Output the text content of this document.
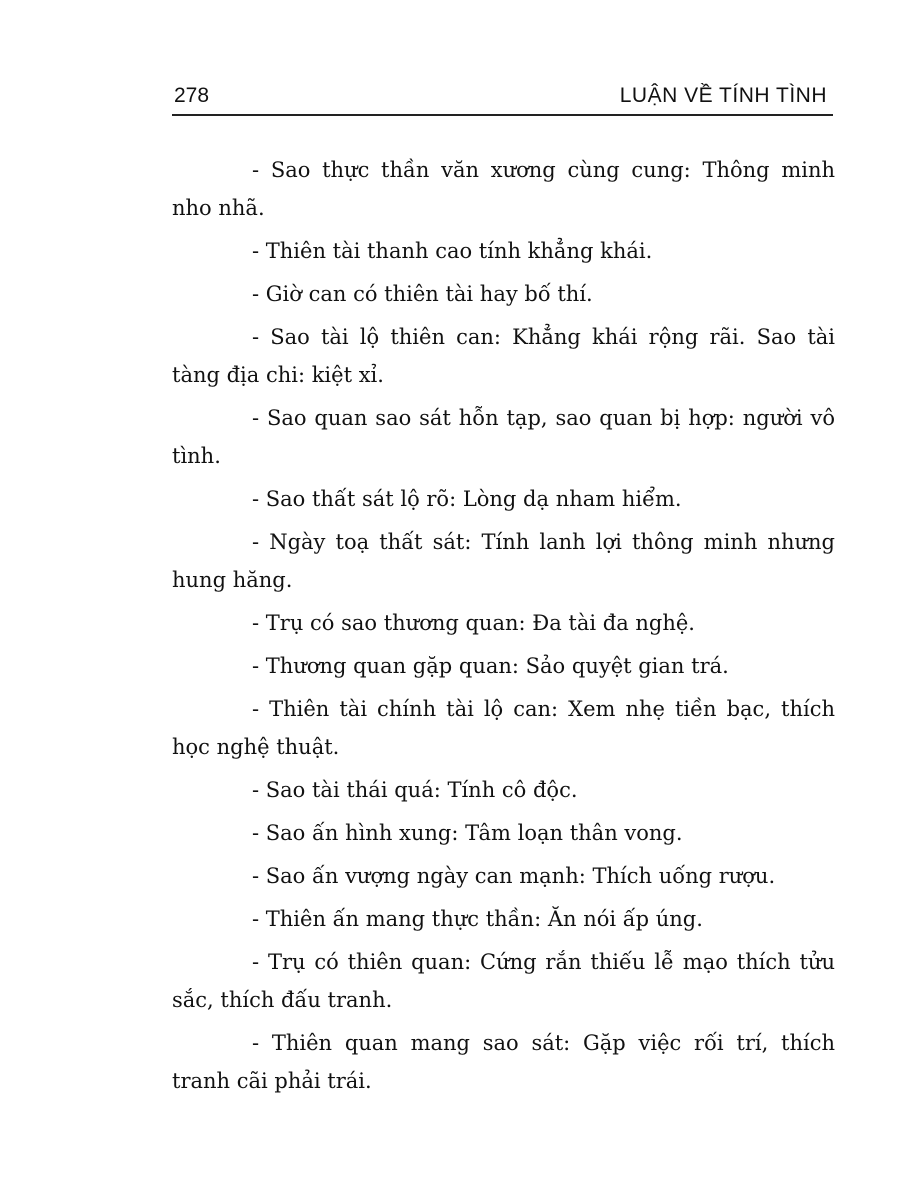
278	LUẬN VỀ TÍNH TÌNH

- Sao thực thần văn xương cùng cung: Thông minh nho nhã.

- Thiên tài thanh cao tính khẳng khái.

- Giờ can có thiên tài hay bố thí.

- Sao tài lộ thiên can: Khẳng khái rộng rãi. Sao tài tàng địa chi: kiệt xỉ.

- Sao quan sao sát hỗn tạp, sao quan bị hợp: người vô tình.

- Sao thất sát lộ rõ: Lòng dạ nham hiểm.

- Ngày toạ thất sát: Tính lanh lợi thông minh nhưng hung hăng.

- Trụ có sao thương quan: Đa tài đa nghệ.

- Thương quan gặp quan: Sảo quyệt gian trá.

- Thiên tài chính tài lộ can: Xem nhẹ tiền bạc, thích học nghệ thuật.

- Sao tài thái quá: Tính cô độc.

- Sao ấn hình xung: Tâm loạn thân vong.

- Sao ấn vượng ngày can mạnh: Thích uống rượu.

- Thiên ấn mang thực thần: Ăn nói ấp úng.

- Trụ có thiên quan: Cứng rắn thiếu lễ mạo thích tửu sắc, thích đấu tranh.

- Thiên quan mang sao sát: Gặp việc rối trí, thích tranh cãi phải trái.
